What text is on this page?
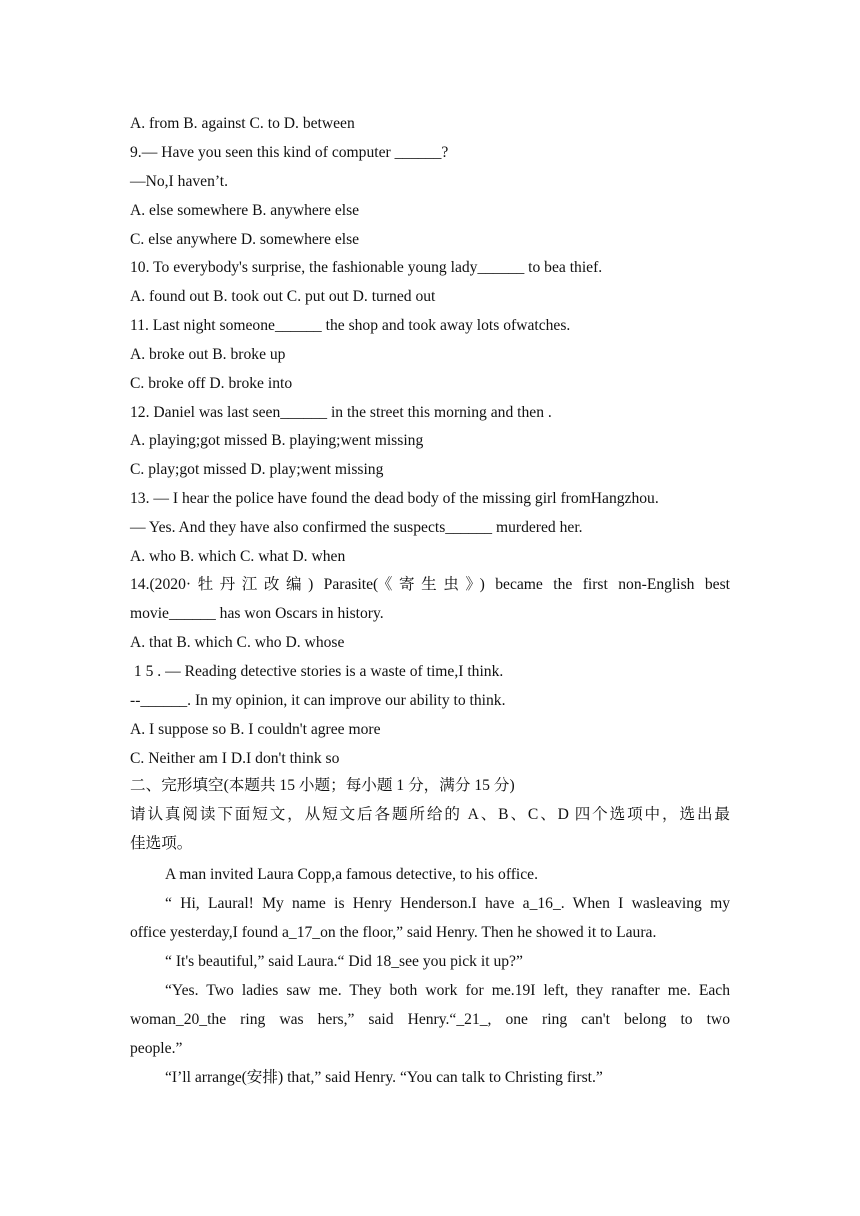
A. from B. against C. to D. between
9.— Have you seen this kind of computer ______?
—No,I haven’t.
A. else somewhere B. anywhere else
C. else anywhere D. somewhere else
10. To everybody's surprise, the fashionable young lady______ to bea thief.
A. found out B. took out C. put out D. turned out
11. Last night someone______ the shop and took away lots ofwatches.
A. broke out B. broke up
C. broke off D. broke into
12. Daniel was last seen______ in the street this morning and then .
A. playing;got missed B. playing;went missing
C. play;got missed D. play;went missing
13. — I hear the police have found the dead body of the missing girl fromHangzhou.
— Yes. And they have also confirmed the suspects______ murdered her.
A. who B. which C. what D. when
14.(2020·牡丹江改编) Parasite(《寄生虫》) became the first non-English best
movie______ has won Oscars in history.
A. that B. which C. who D. whose
1 5 . — Reading detective stories is a waste of time,I think.
--______. In my opinion, it can improve our ability to think.
A. I suppose so B. I couldn't agree more
C. Neither am I D.I don't think so
二、完形填空(本题共 15 小题；每小题 1 分，满分 15 分)
请认真阅读下面短文，从短文后各题所给的 A、B、C、D 四个选项中，选出最
佳选项。
A man invited Laura Copp,a famous detective, to his office.
“ Hi, Laural! My name is Henry Henderson.I have a_16_. When I wasleaving my
office yesterday,I found a_17_on the floor,” said Henry. Then he showed it to Laura.
“ It's beautiful,” said Laura.“ Did 18_see you pick it up?”
“Yes. Two ladies saw me. They both work for me.19I left, they ranafter me. Each
woman_20_the ring was hers,” said Henry.“_21_, one ring can't belong to two
people.”
“I’ll arrange(安排) that,” said Henry. “You can talk to Christing first.”
